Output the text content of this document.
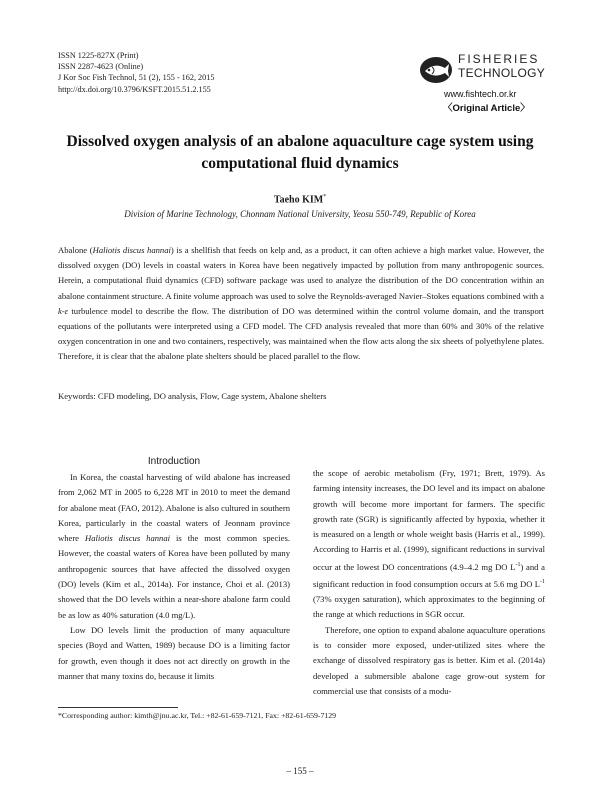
ISSN 1225-827X (Print)
ISSN 2287-4623 (Online)
J Kor Soc Fish Technol, 51 (2), 155 - 162, 2015
http://dx.doi.org/10.3796/KSFT.2015.51.2.155
FISHERIES
TECHNOLOGY
www.fishtech.or.kr
〈Original Article〉
Dissolved oxygen analysis of an abalone aquaculture cage system using computational fluid dynamics
Taeho KIM*
Division of Marine Technology, Chonnam National University, Yeosu 550-749, Republic of Korea
Abalone (Haliotis discus hannai) is a shellfish that feeds on kelp and, as a product, it can often achieve a high market value. However, the dissolved oxygen (DO) levels in coastal waters in Korea have been negatively impacted by pollution from many anthropogenic sources. Herein, a computational fluid dynamics (CFD) software package was used to analyze the distribution of the DO concentration within an abalone containment structure. A finite volume approach was used to solve the Reynolds-averaged Navier–Stokes equations combined with a k-ε turbulence model to describe the flow. The distribution of DO was determined within the control volume domain, and the transport equations of the pollutants were interpreted using a CFD model. The CFD analysis revealed that more than 60% and 30% of the relative oxygen concentration in one and two containers, respectively, was maintained when the flow acts along the six sheets of polyethylene plates. Therefore, it is clear that the abalone plate shelters should be placed parallel to the flow.
Keywords: CFD modeling, DO analysis, Flow, Cage system, Abalone shelters
Introduction

In Korea, the coastal harvesting of wild abalone has increased from 2,062 MT in 2005 to 6,228 MT in 2010 to meet the demand for abalone meat (FAO, 2012). Abalone is also cultured in southern Korea, particularly in the coastal waters of Jeonnam province where Haliotis discus hannai is the most common species. However, the coastal waters of Korea have been polluted by many anthropogenic sources that have affected the dissolved oxygen (DO) levels (Kim et al., 2014a). For instance, Choi et al. (2013) showed that the DO levels within a near-shore abalone farm could be as low as 40% saturation (4.0 mg/L).

Low DO levels limit the production of many aquaculture species (Boyd and Watten, 1989) because DO is a limiting factor for growth, even though it does not act directly on growth in the manner that many toxins do, because it limits

the scope of aerobic metabolism (Fry, 1971; Brett, 1979). As farming intensity increases, the DO level and its impact on abalone growth will become more important for farmers. The specific growth rate (SGR) is significantly affected by hypoxia, whether it is measured on a length or whole weight basis (Harris et al., 1999). According to Harris et al. (1999), significant reductions in survival occur at the lowest DO concentrations (4.9–4.2 mg DO $L^{-1}$) and a significant reduction in food consumption occurs at 5.6 mg DO $L^{-1}$ (73% oxygen saturation), which approximates to the beginning of the range at which reductions in SGR occur.

Therefore, one option to expand abalone aquaculture operations is to consider more exposed, under-utilized sites where the exchange of dissolved respiratory gas is better. Kim et al. (2014a) developed a submersible abalone cage grow-out system for commercial use that consists of a modu-

*Corresponding author: kimth@jnu.ac.kr, Tel.: +82-61-659-7121, Fax: +82-61-659-7129
– 155 –
